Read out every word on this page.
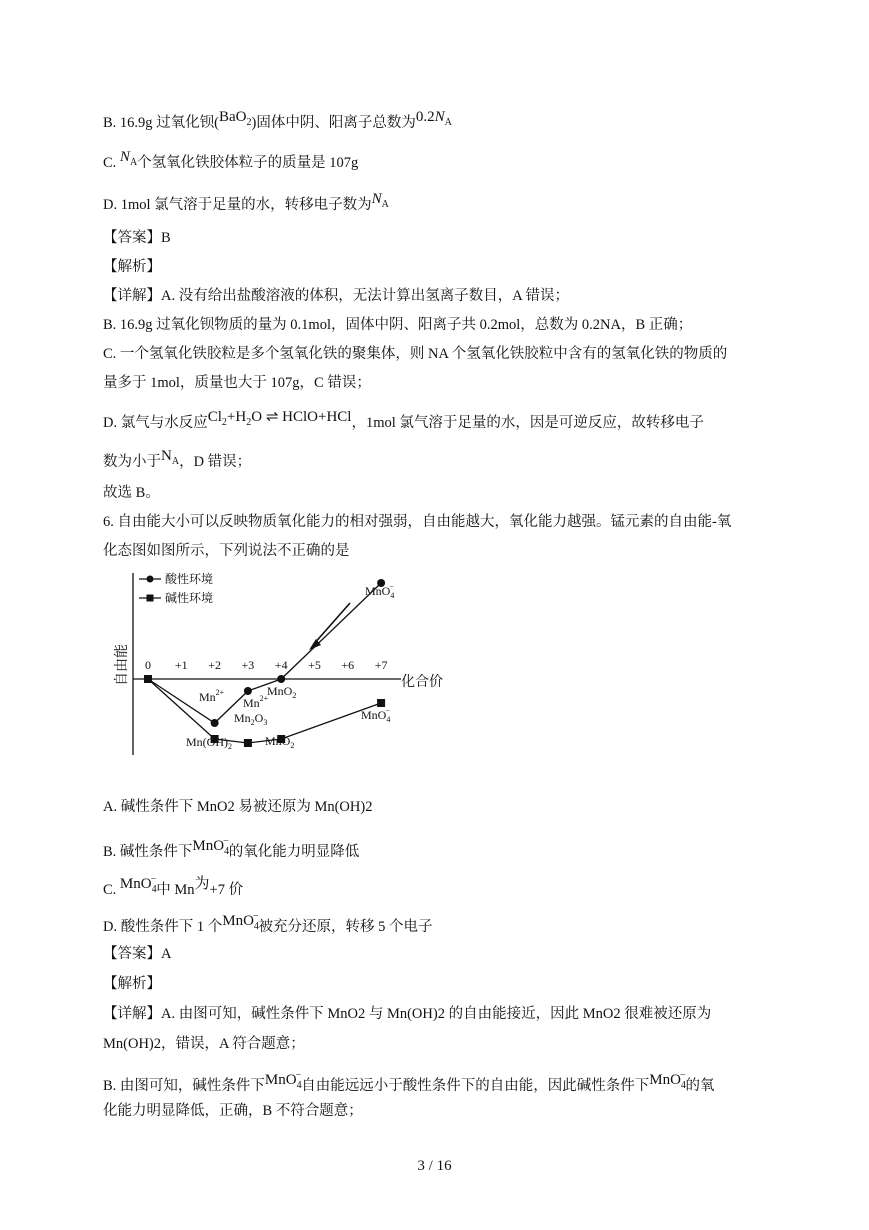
B. 16.9g 过氧化钡(BaO$_2$)固体中阴、阳离子总数为$0.2N_A$
C. $N_A$个氢氧化铁胶体粒子的质量是 107g
D. 1mol 氯气溶于足量的水，转移电子数为$N_A$
【答案】B
【解析】
【详解】A. 没有给出盐酸溶液的体积，无法计算出氢离子数目，A 错误；
B. 16.9g 过氧化钡物质的量为 0.1mol，固体中阴、阳离子共 0.2mol，总数为 0.2NA，B 正确；
C. 一个氢氧化铁胶粒是多个氢氧化铁的聚集体，则 NA 个氢氧化铁胶粒中含有的氢氧化铁的物质的
量多于 1mol，质量也大于 107g，C 错误；
D. 氯气与水反应$Cl_2+H_2O$ ⇌ HClO+HCl，1mol 氯气溶于足量的水，因是可逆反应，故转移电子
数为小于$N_A$，D 错误；
故选 B。
6. 自由能大小可以反映物质氧化能力的相对强弱，自由能越大，氧化能力越强。锰元素的自由能-氧
化态图如图所示，下列说法不正确的是
自由能	化合价
酸性环境
碱性环境
0 +1 +2 +3 +4 +5 +6 +7
MnO$_4$−
$Mn^{2+}$
$Mn^{2+}$
MnO$_2$
$Mn_2O_3$
$Mn(OH)_2$	MnO$_2$
MnO$_4$−
A. 碱性条件下 MnO2 易被还原为 Mn(OH)2
B. 碱性条件下MnO$_4$−的氧化能力明显降低
C. MnO$_4$−中 Mn为+7 价
D. 酸性条件下 1 个MnO$_4$−被充分还原，转移 5 个电子
【答案】A
【解析】
【详解】A. 由图可知，碱性条件下 MnO2 与 Mn(OH)2 的自由能接近，因此 MnO2 很难被还原为
Mn(OH)2，错误，A 符合题意；
B. 由图可知，碱性条件下MnO$_4$−自由能远远小于酸性条件下的自由能，因此碱性条件下MnO$_4$−的氧
化能力明显降低，正确，B 不符合题意；
3 / 16
